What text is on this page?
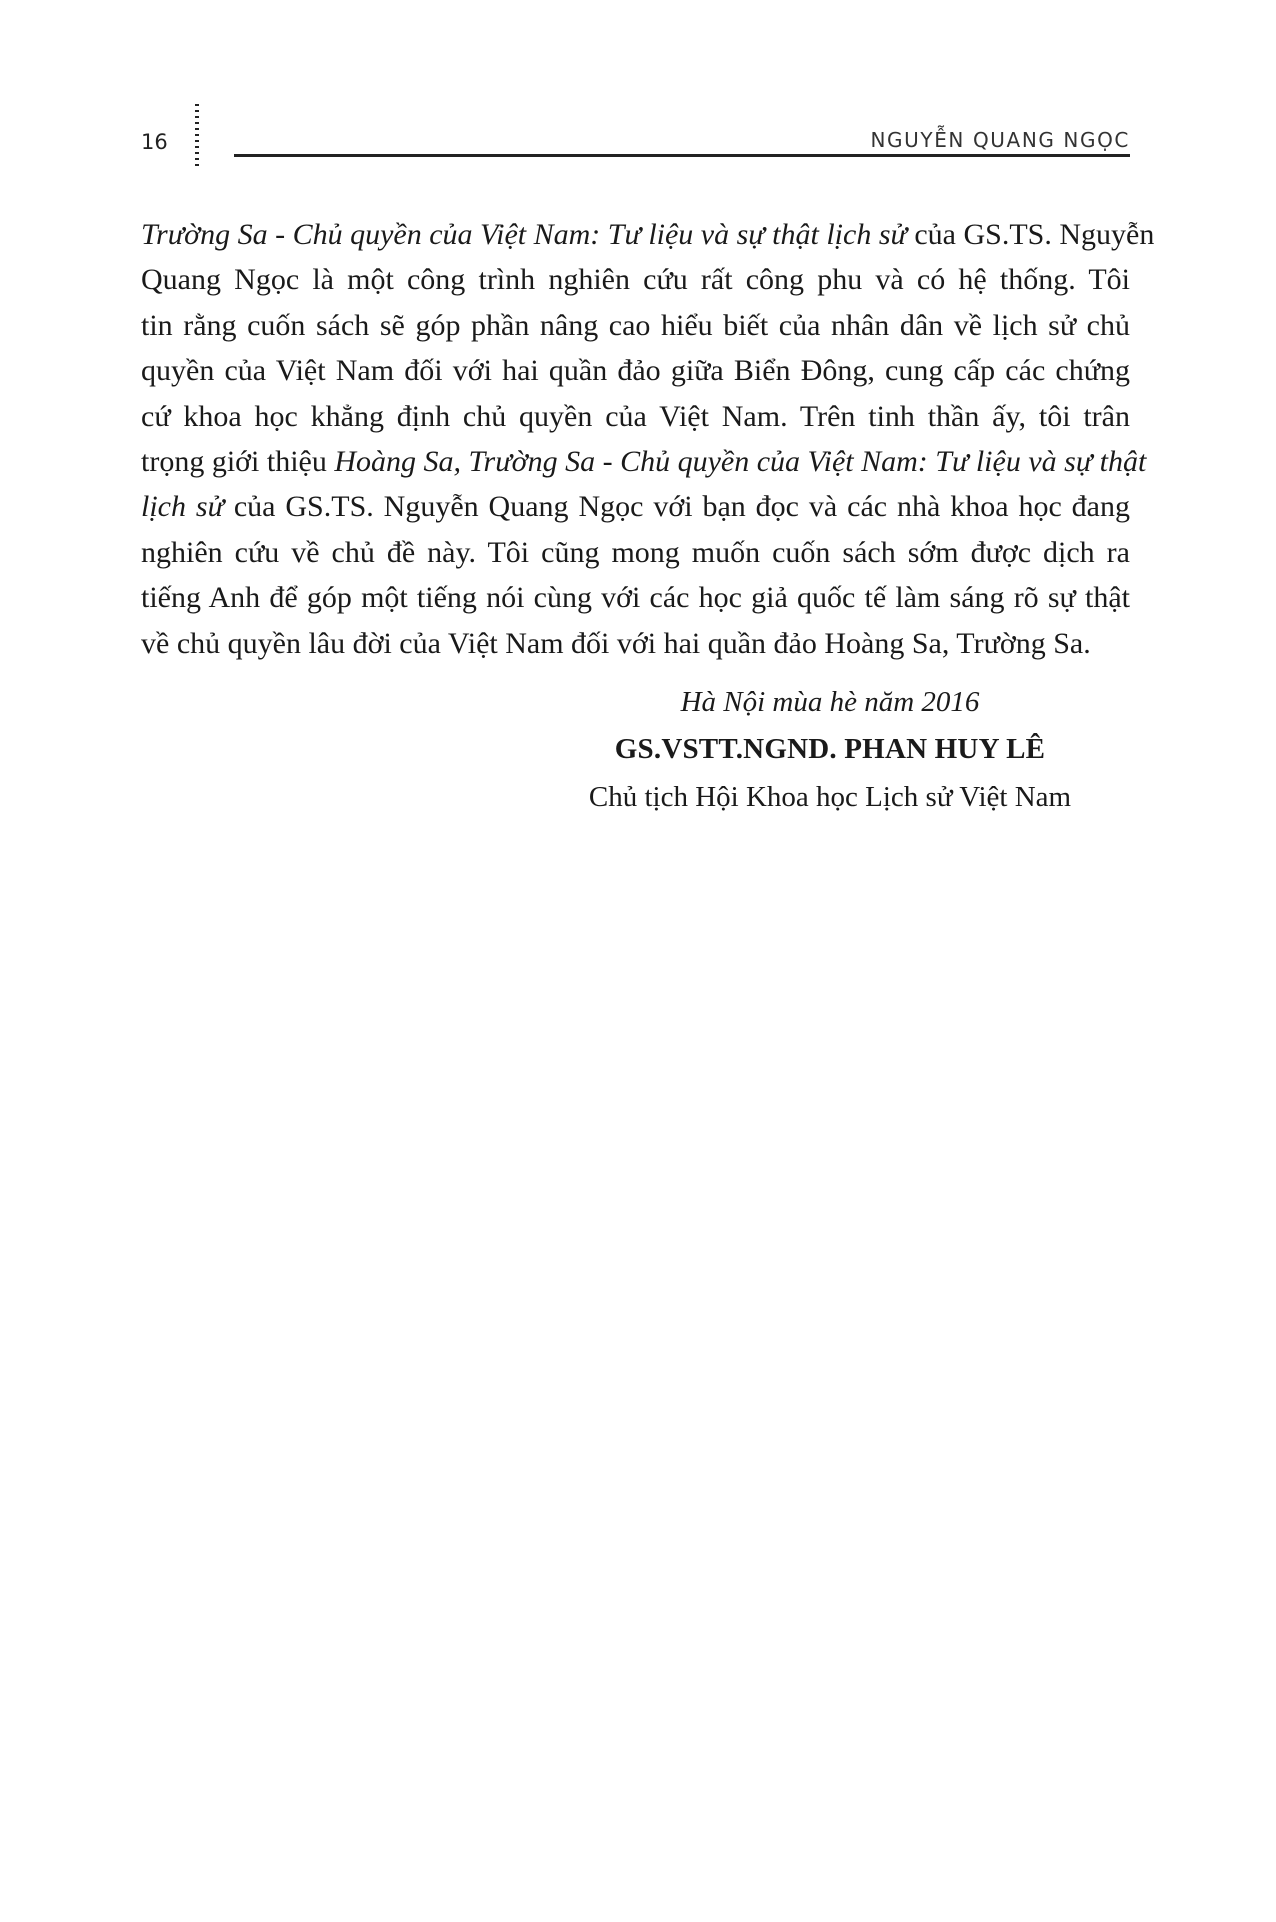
16	NGUYỄN QUANG NGỌC
Trường Sa - Chủ quyền của Việt Nam: Tư liệu và sự thật lịch sử của GS.TS. Nguyễn
Quang Ngọc là một công trình nghiên cứu rất công phu và có hệ thống. Tôi
tin rằng cuốn sách sẽ góp phần nâng cao hiểu biết của nhân dân về lịch sử chủ
quyền của Việt Nam đối với hai quần đảo giữa Biển Đông, cung cấp các chứng
cứ khoa học khẳng định chủ quyền của Việt Nam. Trên tinh thần ấy, tôi trân
trọng giới thiệu Hoàng Sa, Trường Sa - Chủ quyền của Việt Nam: Tư liệu và sự thật
lịch sử của GS.TS. Nguyễn Quang Ngọc với bạn đọc và các nhà khoa học đang
nghiên cứu về chủ đề này. Tôi cũng mong muốn cuốn sách sớm được dịch ra
tiếng Anh để góp một tiếng nói cùng với các học giả quốc tế làm sáng rõ sự thật
về chủ quyền lâu đời của Việt Nam đối với hai quần đảo Hoàng Sa, Trường Sa.
Hà Nội mùa hè năm 2016
GS.VSTT.NGND. PHAN HUY LÊ
Chủ tịch Hội Khoa học Lịch sử Việt Nam
